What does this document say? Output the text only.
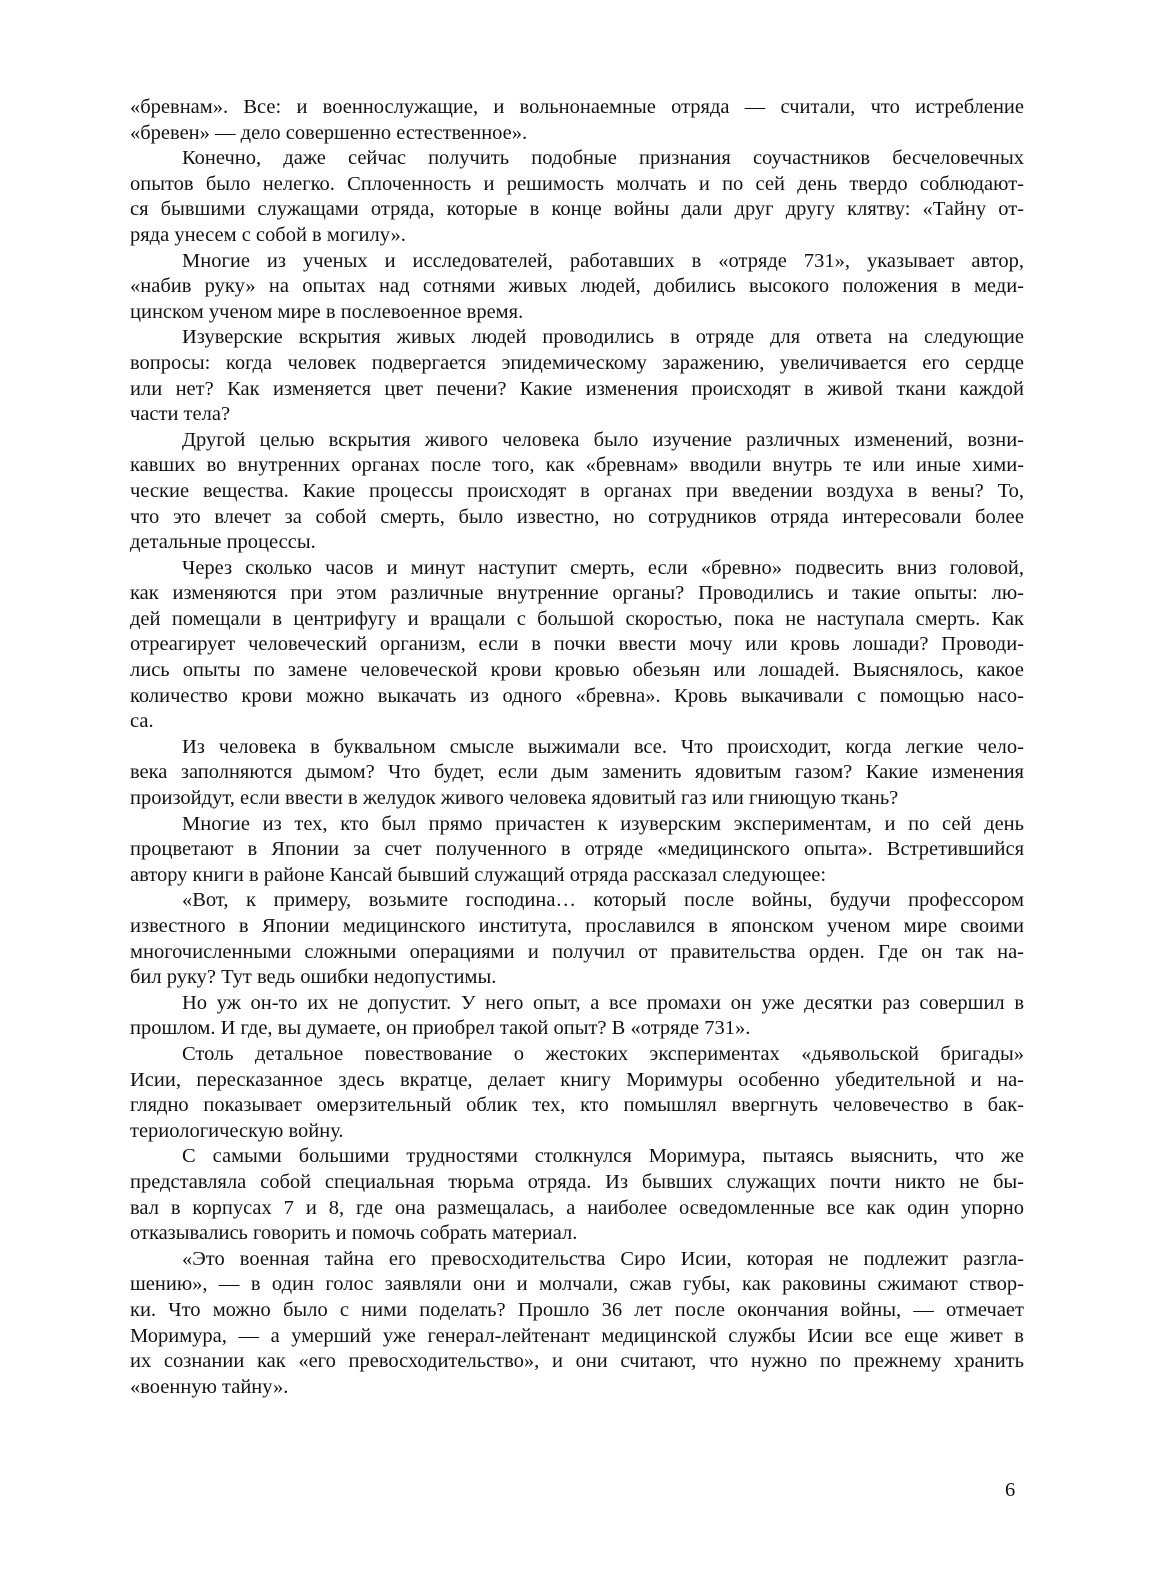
«бревнам». Все: и военнослужащие, и вольнонаемные отряда — считали, что истребление
«бревен» — дело совершенно естественное».
Конечно, даже сейчас получить подобные признания соучастников бесчеловечных
опытов было нелегко. Сплоченность и решимость молчать и по сей день твердо соблюдают-
ся бывшими служащами отряда, которые в конце войны дали друг другу клятву: «Тайну от-
ряда унесем с собой в могилу».
Многие из ученых и исследователей, работавших в «отряде 731», указывает автор,
«набив руку» на опытах над сотнями живых людей, добились высокого положения в меди-
цинском ученом мире в послевоенное время.
Изуверские вскрытия живых людей проводились в отряде для ответа на следующие
вопросы: когда человек подвергается эпидемическому заражению, увеличивается его сердце
или нет? Как изменяется цвет печени? Какие изменения происходят в живой ткани каждой
части тела?
Другой целью вскрытия живого человека было изучение различных изменений, возни-
кавших во внутренних органах после того, как «бревнам» вводили внутрь те или иные хими-
ческие вещества. Какие процессы происходят в органах при введении воздуха в вены? То,
что это влечет за собой смерть, было известно, но сотрудников отряда интересовали более
детальные процессы.
Через сколько часов и минут наступит смерть, если «бревно» подвесить вниз головой,
как изменяются при этом различные внутренние органы? Проводились и такие опыты: лю-
дей помещали в центрифугу и вращали с большой скоростью, пока не наступала смерть. Как
отреагирует человеческий организм, если в почки ввести мочу или кровь лошади? Проводи-
лись опыты по замене человеческой крови кровью обезьян или лошадей. Выяснялось, какое
количество крови можно выкачать из одного «бревна». Кровь выкачивали с помощью насо-
са.
Из человека в буквальном смысле выжимали все. Что происходит, когда легкие чело-
века заполняются дымом? Что будет, если дым заменить ядовитым газом? Какие изменения
произойдут, если ввести в желудок живого человека ядовитый газ или гниющую ткань?
Многие из тех, кто был прямо причастен к изуверским экспериментам, и по сей день
процветают в Японии за счет полученного в отряде «медицинского опыта». Встретившийся
автору книги в районе Кансай бывший служащий отряда рассказал следующее:
«Вот, к примеру, возьмите господина… который после войны, будучи профессором
известного в Японии медицинского института, прославился в японском ученом мире своими
многочисленными сложными операциями и получил от правительства орден. Где он так на-
бил руку? Тут ведь ошибки недопустимы.
Но уж он-то их не допустит. У него опыт, а все промахи он уже десятки раз совершил в
прошлом. И где, вы думаете, он приобрел такой опыт? В «отряде 731».
Столь детальное повествование о жестоких экспериментах «дьявольской бригады»
Исии, пересказанное здесь вкратце, делает книгу Моримуры особенно убедительной и на-
глядно показывает омерзительный облик тех, кто помышлял ввергнуть человечество в бак-
териологическую войну.
С самыми большими трудностями столкнулся Моримура, пытаясь выяснить, что же
представляла собой специальная тюрьма отряда. Из бывших служащих почти никто не бы-
вал в корпусах 7 и 8, где она размещалась, а наиболее осведомленные все как один упорно
отказывались говорить и помочь собрать материал.
«Это военная тайна его превосходительства Сиро Исии, которая не подлежит разгла-
шению», — в один голос заявляли они и молчали, сжав губы, как раковины сжимают створ-
ки. Что можно было с ними поделать? Прошло 36 лет после окончания войны, — отмечает
Моримура, — а умерший уже генерал-лейтенант медицинской службы Исии все еще живет в
их сознании как «его превосходительство», и они считают, что нужно по прежнему хранить
«военную тайну».
6
